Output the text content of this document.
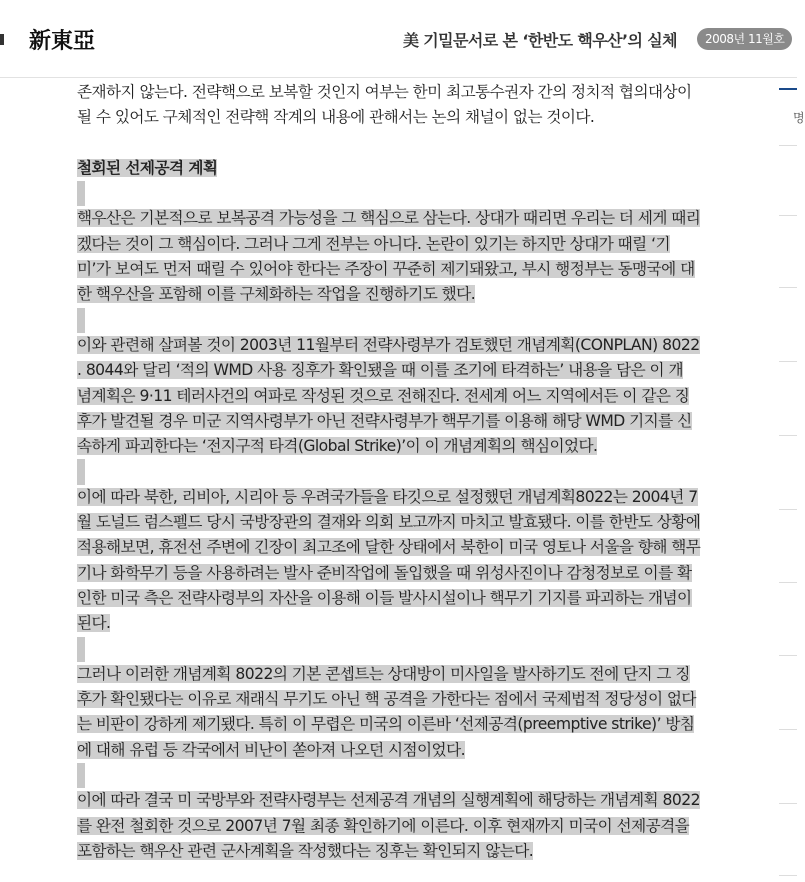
新東亞	美 기밀문서로 본 ‘한반도 핵우산’의 실체	2008년 11월호
존재하지 않는다. 전략핵으로 보복할 것인지 여부는 한미 최고통수권자 간의 정치적 협의대상이
될 수 있어도 구체적인 전략핵 작계의 내용에 관해서는 논의 채널이 없는 것이다.
철회된 선제공격 계획
핵우산은 기본적으로 보복공격 가능성을 그 핵심으로 삼는다. 상대가 때리면 우리는 더 세게 때리
겠다는 것이 그 핵심이다. 그러나 그게 전부는 아니다. 논란이 있기는 하지만 상대가 때릴 ‘기
미’가 보여도 먼저 때릴 수 있어야 한다는 주장이 꾸준히 제기돼왔고, 부시 행정부는 동맹국에 대
한 핵우산을 포함해 이를 구체화하는 작업을 진행하기도 했다.
이와 관련해 살펴볼 것이 2003년 11월부터 전략사령부가 검토했던 개념계획(CONPLAN) 8022
. 8044와 달리 ‘적의 WMD 사용 징후가 확인됐을 때 이를 조기에 타격하는’ 내용을 담은 이 개
념계획은 9·11 테러사건의 여파로 작성된 것으로 전해진다. 전세계 어느 지역에서든 이 같은 징
후가 발견될 경우 미군 지역사령부가 아닌 전략사령부가 핵무기를 이용해 해당 WMD 기지를 신
속하게 파괴한다는 ‘전지구적 타격(Global Strike)’이 이 개념계획의 핵심이었다.
이에 따라 북한, 리비아, 시리아 등 우려국가들을 타깃으로 설정했던 개념계획8022는 2004년 7
월 도널드 럼스펠드 당시 국방장관의 결재와 의회 보고까지 마치고 발효됐다. 이를 한반도 상황에
적용해보면, 휴전선 주변에 긴장이 최고조에 달한 상태에서 북한이 미국 영토나 서울을 향해 핵무
기나 화학무기 등을 사용하려는 발사 준비작업에 돌입했을 때 위성사진이나 감청정보로 이를 확
인한 미국 측은 전략사령부의 자산을 이용해 이들 발사시설이나 핵무기 기지를 파괴하는 개념이
된다.
그러나 이러한 개념계획 8022의 기본 콘셉트는 상대방이 미사일을 발사하기도 전에 단지 그 징
후가 확인됐다는 이유로 재래식 무기도 아닌 핵 공격을 가한다는 점에서 국제법적 정당성이 없다
는 비판이 강하게 제기됐다. 특히 이 무렵은 미국의 이른바 ‘선제공격(preemptive strike)’ 방침
에 대해 유럽 등 각국에서 비난이 쏟아져 나오던 시점이었다.
이에 따라 결국 미 국방부와 전략사령부는 선제공격 개념의 실행계획에 해당하는 개념계획 8022
를 완전 철회한 것으로 2007년 7월 최종 확인하기에 이른다. 이후 현재까지 미국이 선제공격을
포함하는 핵우산 관련 군사계획을 작성했다는 징후는 확인되지 않는다.
명
